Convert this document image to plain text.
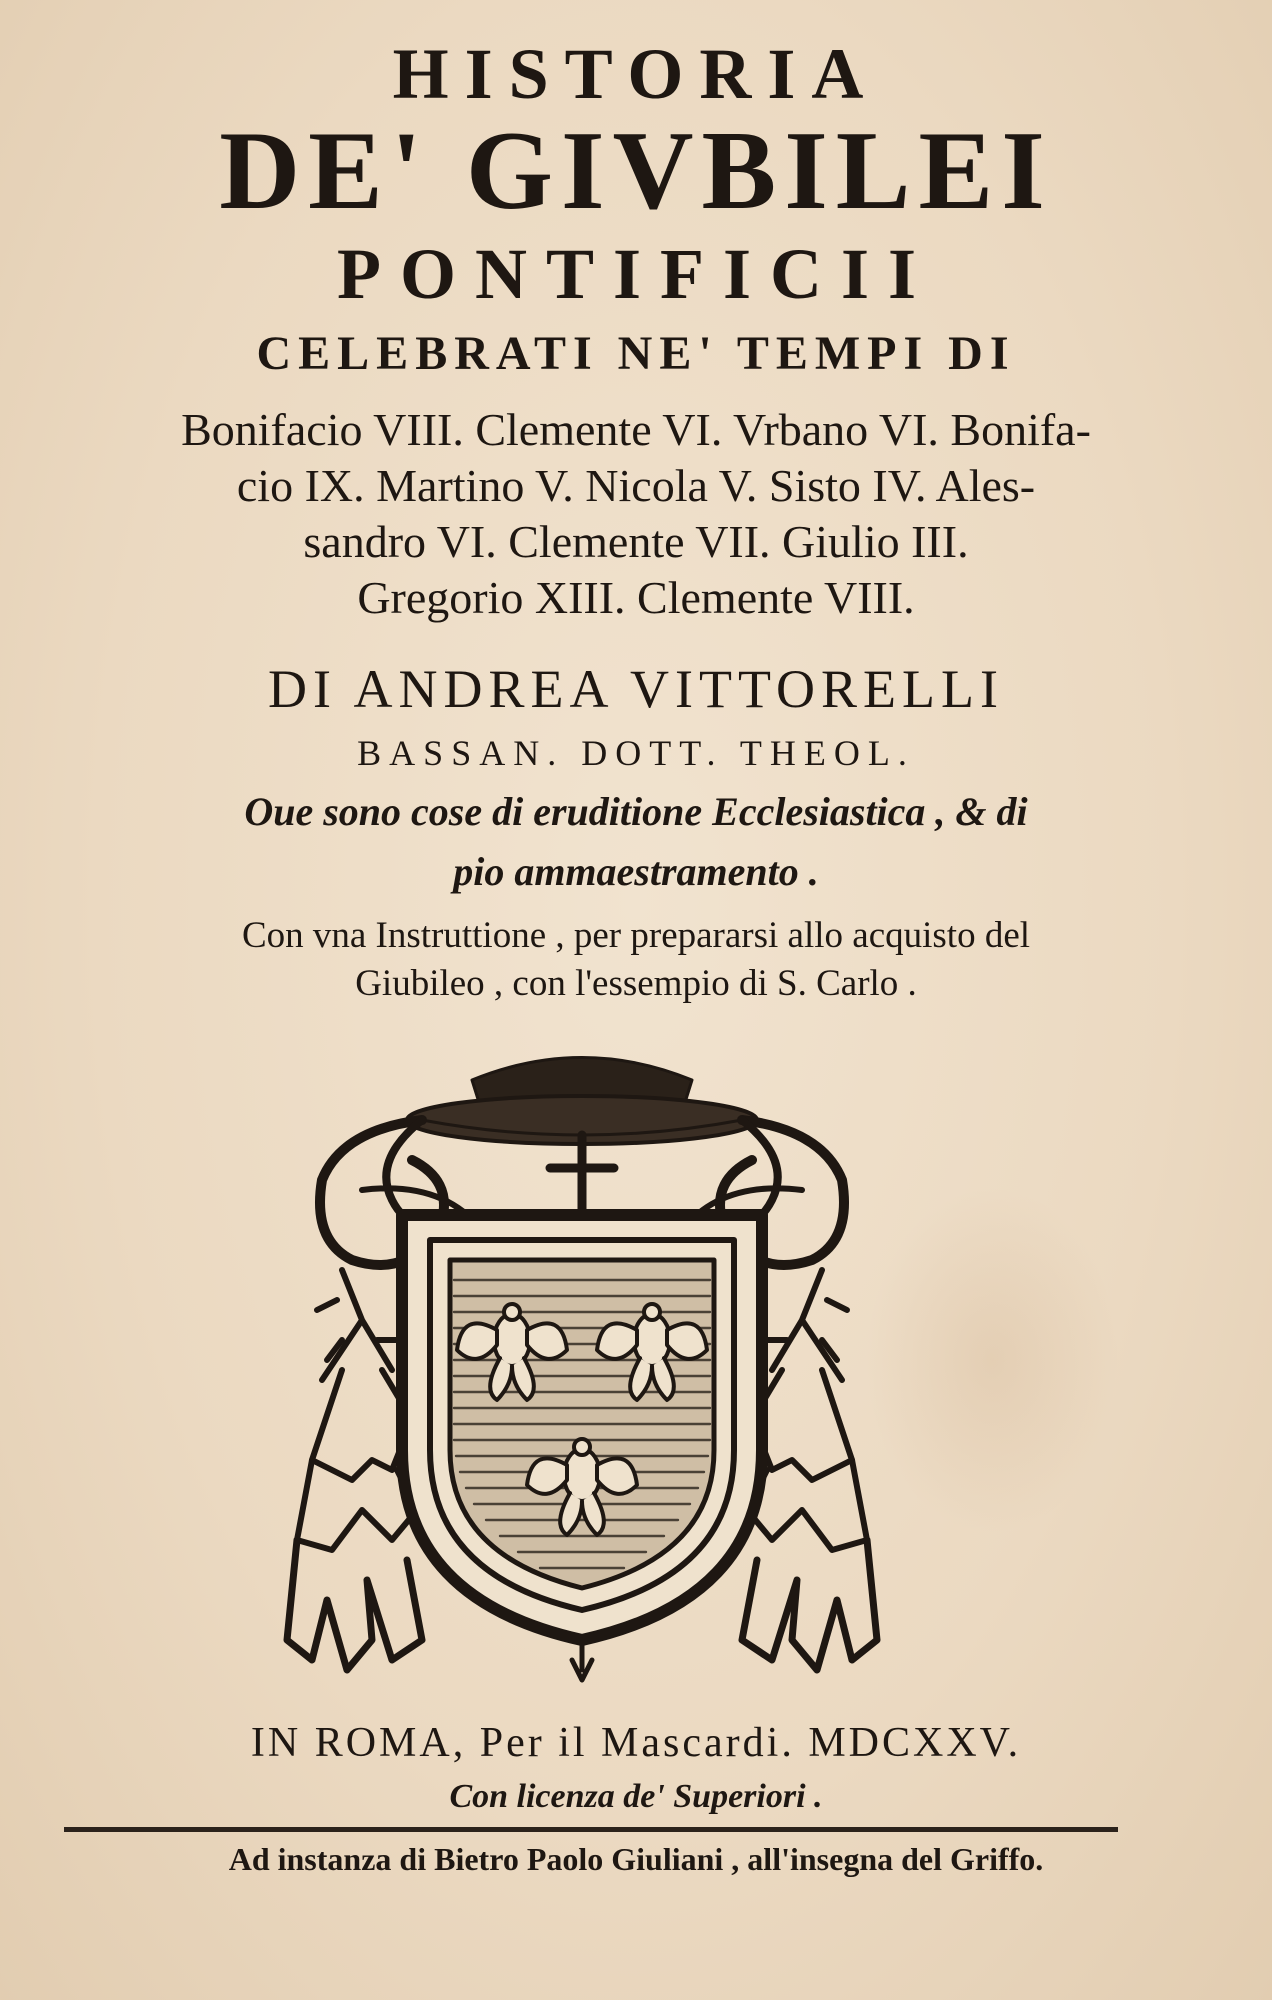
HISTORIA
DE' GIVBILEI
PONTIFICII
CELEBRATI NE' TEMPI DI
Bonifacio VIII. Clemente VI. Vrbano VI. Bonifa-
cio IX. Martino V. Nicola V. Sisto IV. Ales-
sandro VI. Clemente VII. Giulio III.
Gregorio XIII. Clemente VIII.
DI ANDREA VITTORELLI
BASSAN. DOTT. THEOL.
Oue sono cose di eruditione Ecclesiastica , & di
pio ammaestramento .
Con vna Instruttione , per prepararsi allo acquisto del
Giubileo , con l'essempio di S. Carlo .
IN ROMA, Per il Mascardi. MDCXXV.
Con licenza de' Superiori .
Ad instanza di Bietro Paolo Giuliani , all'insegna del Griffo.
